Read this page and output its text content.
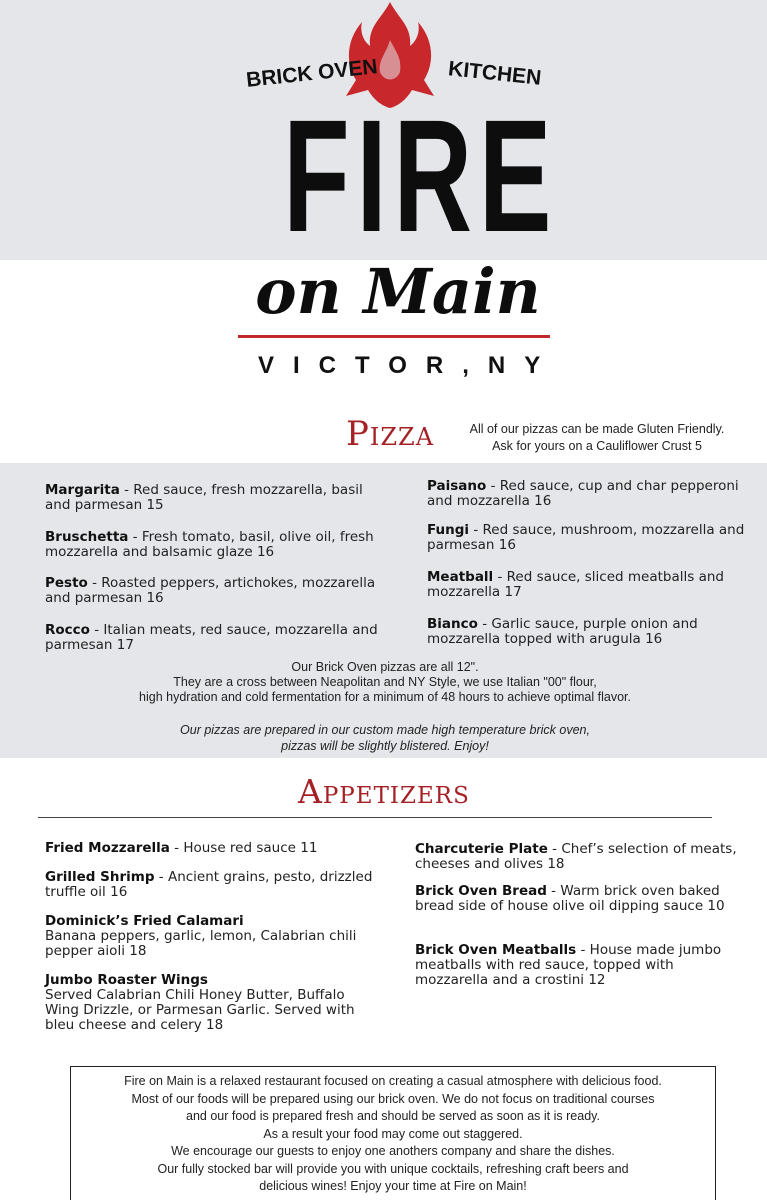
BRICK OVEN	KITCHEN
FIRE
on Main
VICTOR,NY
Pizza	All of our pizzas can be made Gluten Friendly.
Ask for yours on a Cauliflower Crust 5
Margarita - Red sauce, fresh mozzarella, basil and parmesan 15
Bruschetta - Fresh tomato, basil, olive oil, fresh mozzarella and balsamic glaze 16
Pesto - Roasted peppers, artichokes, mozzarella and parmesan 16
Rocco - Italian meats, red sauce, mozzarella and parmesan 17
Paisano - Red sauce, cup and char pepperoni and mozzarella 16
Fungi - Red sauce, mushroom, mozzarella and parmesan 16
Meatball - Red sauce, sliced meatballs and mozzarella 17
Bianco - Garlic sauce, purple onion and mozzarella topped with arugula 16
Our Brick Oven pizzas are all 12".
They are a cross between Neapolitan and NY Style, we use Italian "00" flour,
high hydration and cold fermentation for a minimum of 48 hours to achieve optimal flavor.
Our pizzas are prepared in our custom made high temperature brick oven,
pizzas will be slightly blistered. Enjoy!
Appetizers
Fried Mozzarella - House red sauce 11
Grilled Shrimp - Ancient grains, pesto, drizzled truffle oil 16
Dominick’s Fried Calamari
Banana peppers, garlic, lemon, Calabrian chili pepper aioli 18
Jumbo Roaster Wings
Served Calabrian Chili Honey Butter, Buffalo Wing Drizzle, or Parmesan Garlic. Served with bleu cheese and celery 18
Charcuterie Plate - Chef’s selection of meats, cheeses and olives 18
Brick Oven Bread - Warm brick oven baked bread side of house olive oil dipping sauce 10
Brick Oven Meatballs - House made jumbo meatballs with red sauce, topped with mozzarella and a crostini 12
Fire on Main is a relaxed restaurant focused on creating a casual atmosphere with delicious food.
Most of our foods will be prepared using our brick oven. We do not focus on traditional courses
and our food is prepared fresh and should be served as soon as it is ready.
As a result your food may come out staggered.
We encourage our guests to enjoy one anothers company and share the dishes.
Our fully stocked bar will provide you with unique cocktails, refreshing craft beers and
delicious wines! Enjoy your time at Fire on Main!
